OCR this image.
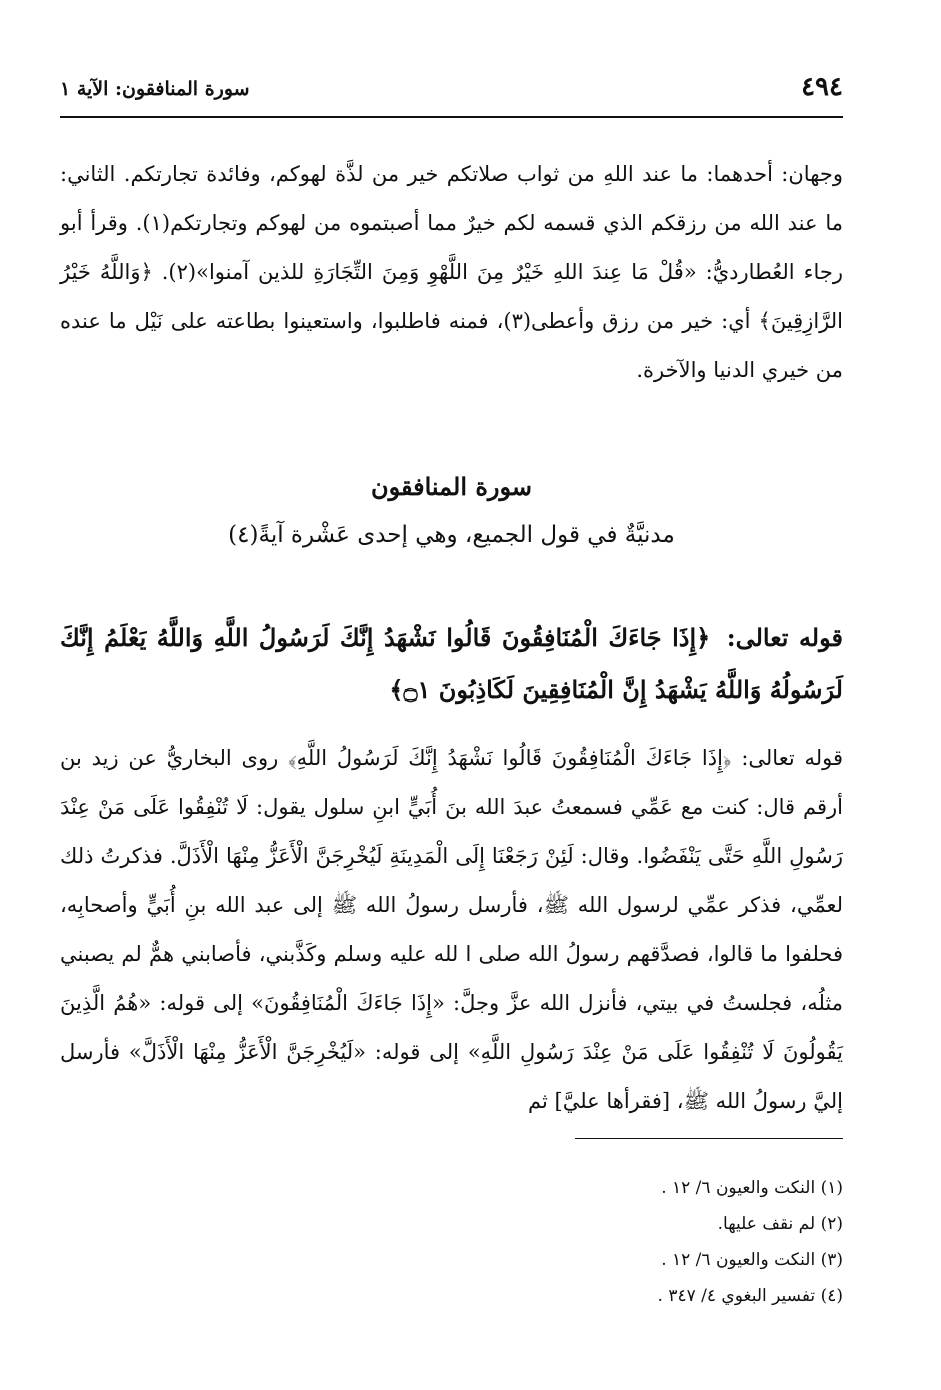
٤٩٤
سورة المنافقون: الآية ١

وجهان: أحدهما: ما عند اللهِ من ثواب صلاتكم خير من لذَّة لهوكم، وفائدة تجارتكم. الثاني: ما عند الله من رزقكم الذي قسمه لكم خيرٌ مما أصبتموه من لهوكم وتجارتكم(١). وقرأ أبو رجاء العُطارديُّ: «قُلْ مَا عِندَ اللهِ خَيْرٌ مِنَ اللَّهْوِ وَمِنَ التِّجَارَةِ للذين آمنوا»(٢). ﴿وَاللَّهُ خَيْرُ الرَّازِقِينَ﴾ أي: خير من رزق وأعطى(٣)، فمنه فاطلبوا، واستعينوا بطاعته على نَيْل ما عنده من خيري الدنيا والآخرة.

سورة المنافقون
مدنيَّةٌ في قول الجميع، وهي إحدى عَشْرة آيةً(٤)
قوله تعالى: ﴿إِذَا جَاءَكَ الْمُنَافِقُونَ قَالُوا نَشْهَدُ إِنَّكَ لَرَسُولُ اللَّهِ وَاللَّهُ يَعْلَمُ إِنَّكَ لَرَسُولُهُ وَاللَّهُ يَشْهَدُ إِنَّ الْمُنَافِقِينَ لَكَاذِبُونَ ۝١﴾

قوله تعالى: ﴿إِذَا جَاءَكَ الْمُنَافِقُونَ قَالُوا نَشْهَدُ إِنَّكَ لَرَسُولُ اللَّهِ﴾ روى البخاريُّ عن زيد بن أرقم قال: كنت مع عَمِّي فسمعتُ عبدَ الله بنَ أُبَيٍّ ابنِ سلول يقول: لَا تُنْفِقُوا عَلَى مَنْ عِنْدَ رَسُولِ اللَّهِ حَتَّى يَنْفَضُوا. وقال: لَئِنْ رَجَعْنَا إِلَى الْمَدِينَةِ لَيُخْرِجَنَّ الْأَعَزُّ مِنْهَا الْأَذَلَّ. فذكرتُ ذلك لعمِّي، فذكر عمِّي لرسول الله ﷺ، فأرسل رسولُ الله ﷺ إلى عبد الله بنِ أُبَيٍّ وأصحابِه، فحلفوا ما قالوا، فصدَّقهم رسولُ الله صلى ا لله عليه وسلم وكَذَّبني، فأصابني همٌّ لم يصبني مثلُه، فجلستُ في بيتي، فأنزل الله عزَّ وجلَّ: «إِذَا جَاءَكَ الْمُنَافِقُونَ» إلى قوله: «هُمُ الَّذِينَ يَقُولُونَ لَا تُنْفِقُوا عَلَى مَنْ عِنْدَ رَسُولِ اللَّهِ» إلى قوله: «لَيُخْرِجَنَّ الْأَعَزُّ مِنْهَا الْأَذَلَّ» فأرسل إليَّ رسولُ الله ﷺ، [فقرأها عليَّ] ثم

(١) النكت والعيون ٦/ ١٢ .

(٢) لم نقف عليها.

(٣) النكت والعيون ٦/ ١٢ .

(٤) تفسير البغوي ٤/ ٣٤٧ .
